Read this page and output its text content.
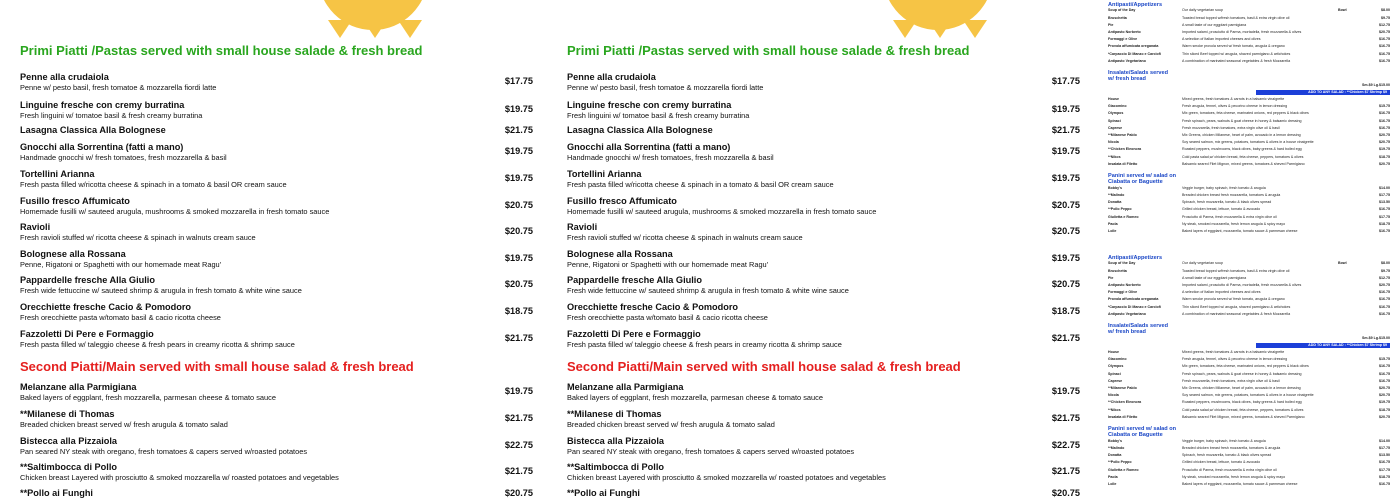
Primi Piatti /Pastas served with small house salade & fresh bread
Penne alla crudaiola
Penne w/ pesto basil, fresh tomatoe & mozzarella fiordi latte
$17.75
Linguine fresche con cremy burratina
Fresh linguini w/ tomatoe basil & fresh creamy burratina
$19.75
Lasagna Classica Alla Bolognese	$21.75
Gnocchi alla Sorrentina (fatti a mano)
Handmade gnocchi w/ fresh tomatoes, fresh mozzarella & basil
$19.75
Tortellini Arianna
Fresh pasta filled w/ricotta cheese & spinach in a tomato & basil OR cream sauce
$19.75
Fusillo fresco Affumicato
Homemade fusilli w/ sauteed arugula, mushrooms & smoked mozzarella in fresh tomato sauce
$20.75
Ravioli
Fresh ravioli stuffed w/ ricotta cheese & spinach in walnuts cream sauce
$20.75
Bolognese alla Rossana
Penne, Rigatoni or Spaghetti with our homemade meat Ragu'
$19.75
Pappardelle fresche Alla Giulio
Fresh wide fettuccine w/ sauteed shrimp & arugula in fresh tomato & white wine sauce
$20.75
Orecchiette fresche Cacio & Pomodoro
Fresh orecchiette pasta w/tomato basil & cacio ricotta cheese
$18.75
Fazzoletti Di Pere e Formaggio
Fresh pasta filled w/ taleggio cheese & fresh pears in creamy ricotta & shrimp sauce
$21.75
Second Piatti/Main served with small house salad & fresh bread
Melanzane alla Parmigiana
Baked layers of eggplant, fresh mozzarella, parmesan cheese & tomato sauce
$19.75
**Milanese di Thomas
Breaded chicken breast served w/ fresh arugula & tomato salad
$21.75
Bistecca alla Pizzaiola
Pan seared NY steak with oregano, fresh tomatoes & capers served w/roasted potatoes
$22.75
**Saltimbocca di Pollo
Chicken breast Layered with prosciutto & smoked mozzarella w/ roasted potatoes and vegetables
$21.75
**Pollo ai Funghi	$20.75
Primi Piatti /Pastas served with small house salade & fresh bread
Penne alla crudaiola
Penne w/ pesto basil, fresh tomatoe & mozzarella fiordi latte
$17.75
Linguine fresche con cremy burratina
Fresh linguini w/ tomatoe basil & fresh creamy burratina
$19.75
Lasagna Classica Alla Bolognese	$21.75
Gnocchi alla Sorrentina (fatti a mano)
Handmade gnocchi w/ fresh tomatoes, fresh mozzarella & basil
$19.75
Tortellini Arianna
Fresh pasta filled w/ricotta cheese & spinach in a tomato & basil OR cream sauce
$19.75
Fusillo fresco Affumicato
Homemade fusilli w/ sauteed arugula, mushrooms & smoked mozzarella in fresh tomato sauce
$20.75
Ravioli
Fresh ravioli stuffed w/ ricotta cheese & spinach in walnuts cream sauce
$20.75
Bolognese alla Rossana
Penne, Rigatoni or Spaghetti with our homemade meat Ragu'
$19.75
Pappardelle fresche Alla Giulio
Fresh wide fettuccine w/ sauteed shrimp & arugula in fresh tomato & white wine sauce
$20.75
Orecchiette fresche Cacio & Pomodoro
Fresh orecchiette pasta w/tomato basil & cacio ricotta cheese
$18.75
Fazzoletti Di Pere e Formaggio
Fresh pasta filled w/ taleggio cheese & fresh pears in creamy ricotta & shrimp sauce
$21.75
Second Piatti/Main served with small house salad & fresh bread
Melanzane alla Parmigiana
Baked layers of eggplant, fresh mozzarella, parmesan cheese & tomato sauce
$19.75
**Milanese di Thomas
Breaded chicken breast served w/ fresh arugula & tomato salad
$21.75
Bistecca alla Pizzaiola
Pan seared NY steak with oregano, fresh tomatoes & capers served w/roasted potatoes
$22.75
**Saltimbocca di Pollo
Chicken breast Layered with prosciutto & smoked mozzarella w/ roasted potatoes and vegetables
$21.75
**Pollo ai Funghi	$20.75
Antipasti/Appetizers
Soup of the Day	Our daily vegetarian soup	Bowl	$8.00
Bruschetta	Toasted bread topped w/fresh tomatoes, basil & extra virgin olive oil	$9.75
Pie	A small taste of our eggplant parmigiana	$12.75
Antipasto Norberto	Imported salami, prosciutto di Parma, mortadella, fresh mozzarella & olives	$20.75
Formaggi e Olive	A selection of Italian imported cheeses and olives	$16.75
Provola affumicata oreganata	Warm smoke provola served w/ fresh tomato, arugula & oregano	$16.75
*Carpaccio Di Manzo e Carciofi	Thin sliced Beef topped w/ arugula, shaved parmigiano & artichokes	$16.75
Antipasto Vegetariano	A combination of marinated seasonal vegetables & fresh Mozzarella	$16.75
Insalate/Salads served w/ fresh bread
Sm.$9 Lg.$15.00
ADD TO ANY SALAD : **Chicken $7 Shrimp $9
House	Mixed greens, fresh tomatoes & carrots in a balsamic vinaigrette
Giacomino	Fresh arugula, fennel, olives & pecorino cheese in lemon dressing	$15.75
Olympos	Mix green, tomatoes, feta cheese, marinated onions, red peppers & black olives	$16.75
Spinaci	Fresh spinach, pears, walnuts & goat cheese in honey & balsamic dressing	$16.75
Caprese	Fresh mozzarella, fresh tomatoes, extra virgin olive oil & basil	$16.75
**Milanese Pablo	Mix Greens, chicken Milanese, heart of palm, avocado in a lemon dressing	$20.75
Nicola	Soy seared salmon, mix greens, potatoes, tomatoes & olives in a house vinaigrette	$20.75
**Chicken Eleonora	Roasted peppers, mushrooms, black olives, baby greens & hard boiled egg	$19.75
**Nikos	Cold pasta salad,w/ chicken breast, feta cheese, peppers, tomatoes & olives	$18.75
Insalata di Filetto	Balsamic seared Filet Mignon, mixed greens, tomatoes & sheved Parmigiano	$20.75
Panini served w/ salad on Ciabatta or Baguette
Bobby's	Veggie burger, baby spinach, fresh tomato & arugula	$14.00
**Malindo	Breaded chicken breast fresh mozzarella, tomatoes & arugula	$17.75
Donatta	Spinach, fresh mozzarella, tomato & black olives spread	$13.50
**Pollo Peppo	Grilled chicken breast, lettuce, tomato & avocado	$16.75
Giulietta e Romeo	Prosciutto di Parma, fresh mozzarella & extra virgin olive oil	$17.75
Paola	Ny steak, smoked mozzarella, fresh lemon arugula & spicy mayo	$18.75
Lolle	Baked layers of eggplant, mozzarella, tomato sauce & parmesan cheese	$16.75
Antipasti/Appetizers
Soup of the Day	Our daily vegetarian soup	Bowl	$8.00
Bruschetta	Toasted bread topped w/fresh tomatoes, basil & extra virgin olive oil	$9.75
Pie	A small taste of our eggplant parmigiana	$12.75
Antipasto Norberto	Imported salami, prosciutto di Parma, mortadella, fresh mozzarella & olives	$20.75
Formaggi e Olive	A selection of Italian imported cheeses and olives	$16.75
Provola affumicata oreganata	Warm smoke provola served w/ fresh tomato, arugula & oregano	$16.75
*Carpaccio Di Manzo e Carciofi	Thin sliced Beef topped w/ arugula, shaved parmigiano & artichokes	$16.75
Antipasto Vegetariano	A combination of marinated seasonal vegetables & fresh Mozzarella	$16.75
Insalate/Salads served w/ fresh bread
Sm.$9 Lg.$15.00
ADD TO ANY SALAD : **Chicken $7 Shrimp $9
House	Mixed greens, fresh tomatoes & carrots in a balsamic vinaigrette
Giacomino	Fresh arugula, fennel, olives & pecorino cheese in lemon dressing	$15.75
Olympos	Mix green, tomatoes, feta cheese, marinated onions, red peppers & black olives	$16.75
Spinaci	Fresh spinach, pears, walnuts & goat cheese in honey & balsamic dressing	$16.75
Caprese	Fresh mozzarella, fresh tomatoes, extra virgin olive oil & basil	$16.75
**Milanese Pablo	Mix Greens, chicken Milanese, heart of palm, avocado in a lemon dressing	$20.75
Nicola	Soy seared salmon, mix greens, potatoes, tomatoes & olives in a house vinaigrette	$20.75
**Chicken Eleonora	Roasted peppers, mushrooms, black olives, baby greens & hard boiled egg	$19.75
**Nikos	Cold pasta salad,w/ chicken breast, feta cheese, peppers, tomatoes & olives	$18.75
Insalata di Filetto	Balsamic seared Filet Mignon, mixed greens, tomatoes & sheved Parmigiano	$20.75
Panini served w/ salad on Ciabatta or Baguette
Bobby's	Veggie burger, baby spinach, fresh tomato & arugula	$14.00
**Malindo	Breaded chicken breast fresh mozzarella, tomatoes & arugula	$17.75
Donatta	Spinach, fresh mozzarella, tomato & black olives spread	$13.50
**Pollo Peppo	Grilled chicken breast, lettuce, tomato & avocado	$16.75
Giulietta e Romeo	Prosciutto di Parma, fresh mozzarella & extra virgin olive oil	$17.75
Paola	Ny steak, smoked mozzarella, fresh lemon arugula & spicy mayo	$18.75
Lolle	Baked layers of eggplant, mozzarella, tomato sauce & parmesan cheese	$16.75
